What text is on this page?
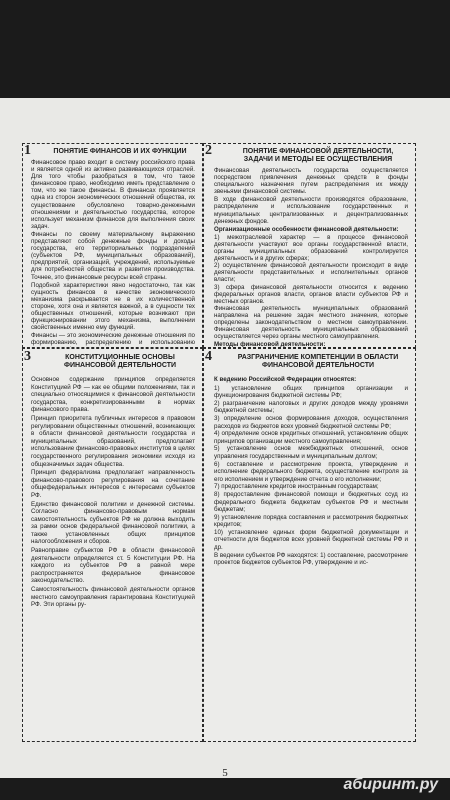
ПОНЯТИЕ ФИНАНСОВ И ИХ ФУНКЦИИ

Финансовое право входит в систему российского права и является одной из активно развивающихся отраслей. Для того чтобы разобраться в том, что такое финансовое право, необходимо иметь представление о том, что же такое финансы. В финансах проявляется одна из сторон экономических отношений общества, их существование обусловлено товарно-денежными отношениями и деятельностью государства, которое использует механизм финансов для выполнения своих задач.

Финансы по своему материальному выражению представляют собой денежные фонды и доходы государства, его территориальных подразделений (субъектов РФ, муниципальных образований), предприятий, организаций, учреждений, используемые для потребностей общества и развития производства. Точнее, это финансовые ресурсы всей страны.

Подобной характеристики явно недостаточно, так как сущность финансов в качестве экономического механизма раскрывается не в их количественной стороне, хотя она и является важной, а в сущности тех общественных отношений, которые возникают при функционировании этого механизма, выполнении свойственных именно ему функций.

Финансы — это экономические денежные отношения по формированию, распределению и использованию

1	ПОНЯТИЕ ФИНАНСОВОЙ ДЕЯТЕЛЬНОСТИ, ЗАДАЧИ И МЕТОДЫ ЕЕ ОСУЩЕСТВЛЕНИЯ

Финансовая деятельность государства осуществляется посредством привлечения денежных средств в фонды специального назначения путем распределения их между звеньями финансовой системы.

В ходе финансовой деятельности производятся образование, распределение и использование государственных и муниципальных централизованных и децентрализованных денежных фондов.

Организационные особенности финансовой деятельности:

1) межотраслевой характер — в процессе финансовой деятельности участвуют все органы государственной власти, органы муниципальных образований контролируется деятельность и в других сферах;
2) осуществление финансовой деятельности происходит в виде деятельности представительных и исполнительных органов власти;
3) сфера финансовой деятельности относится к ведению федеральных органов власти, органов власти субъектов РФ и местных органов.

Финансовая деятельность муниципальных образований направлена на решение задач местного значения, которые определены законодательством о местном самоуправлении. Финансовая деятельность муниципальных образований осуществляется через органы местного самоуправления.

Методы финансовой деятельности:

2
КОНСТИТУЦИОННЫЕ ОСНОВЫ ФИНАНСОВОЙ ДЕЯТЕЛЬНОСТИ

Основное содержание принципов определяется Конституцией РФ — как ее общими положениями, так и специально относящимися к финансовой деятельности государства, конкретизированными в нормах финансового права.

Принцип приоритета публичных интересов в правовом регулировании общественных отношений, возникающих в области финансовой деятельности государства и муниципальных образований, предполагает использование финансово-правовых институтов в целях государственного регулирования экономики исходя из общезначимых задач общества.

Принцип федерализма предполагает направленность финансово-правового регулирования на сочетание общефедеральных интересов с интересами субъектов РФ.

Единство финансовой политики и денежной системы. Согласно финансово-правовым нормам самостоятельность субъектов РФ не должна выходить за рамки основ федеральной финансовой политики, а также установленных общих принципов налогообложения и сборов.

Равноправие субъектов РФ в области финансовой деятельности определяется ст. 5 Конституции РФ. На каждого из субъектов РФ в равной мере распространяется федеральное финансовое законодательство.

Самостоятельность финансовой деятельности органов местного самоуправления гарантирована Конституцией РФ. Эти органы ру-

3	РАЗГРАНИЧЕНИЕ КОМПЕТЕНЦИИ В ОБЛАСТИ ФИНАНСОВОЙ ДЕЯТЕЛЬНОСТИ

К ведению Российской Федерации относятся:

1) установление общих принципов организации и функционирования бюджетной системы РФ;
2) разграничение налоговых и других доходов между уровнями бюджетной системы;
3) определение основ формирования доходов, осуществления расходов из бюджетов всех уровней бюджетной системы РФ;
4) определение основ кредитных отношений, установление общих принципов организации местного самоуправления;
5) установление основ межбюджетных отношений, основ управления государственным и муниципальным долгом;
6) составление и рассмотрение проекта, утверждение и исполнение федерального бюджета, осуществление контроля за его исполнением и утверждение отчета о его исполнении;
7) предоставление кредитов иностранным государствам;
8) предоставление финансовой помощи и бюджетных ссуд из федерального бюджета бюджетам субъектов РФ и местным бюджетам;
9) установление порядка составления и рассмотрения бюджетных кредитов;
10) установление единых форм бюджетной документации и отчетности для бюджетов всех уровней бюджетной системы РФ и др.

В ведении субъектов РФ находятся: 1) составление, рассмотрение проектов бюджетов субъектов РФ, утверждение и ис-

4
5
абиринт.ру
